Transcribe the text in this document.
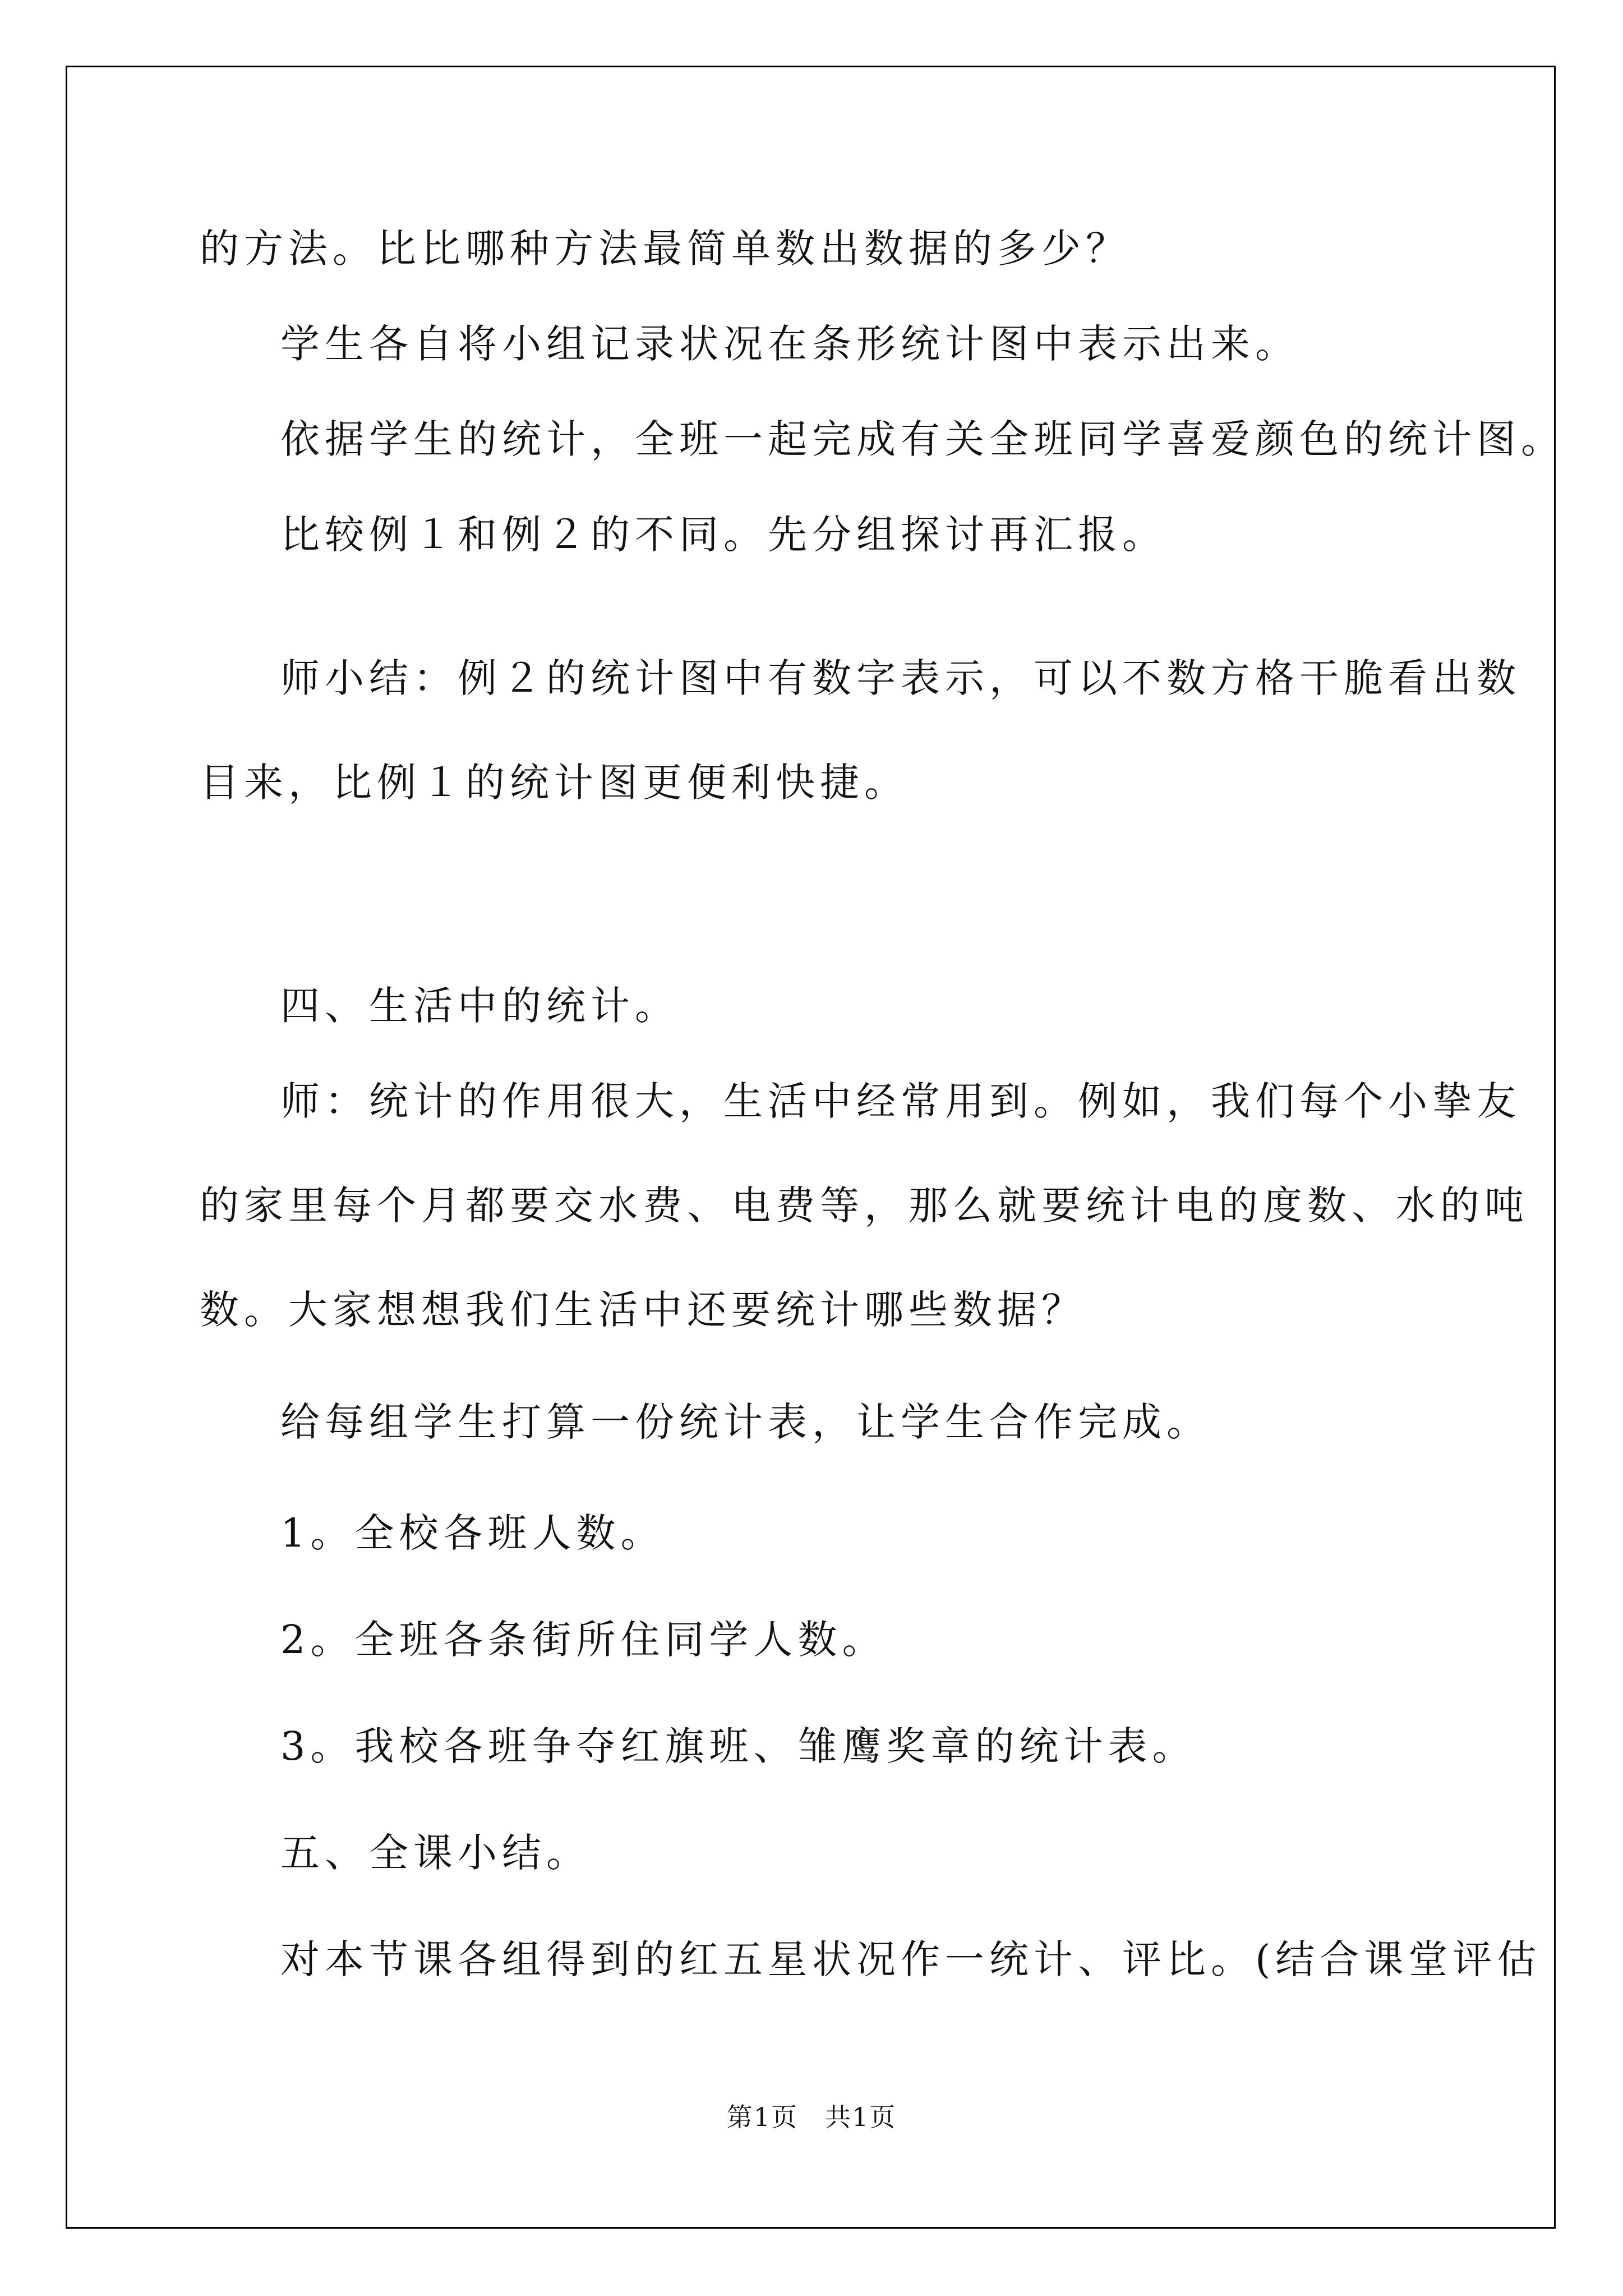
的方法。比比哪种方法最简单数出数据的多少？
学生各自将小组记录状况在条形统计图中表示出来。
依据学生的统计，全班一起完成有关全班同学喜爱颜色的统计图。
比较例１和例２的不同。先分组探讨再汇报。
师小结：例２的统计图中有数字表示，可以不数方格干脆看出数
目来，比例１的统计图更便利快捷。
四、生活中的统计。
师：统计的作用很大，生活中经常用到。例如，我们每个小挚友
的家里每个月都要交水费、电费等，那么就要统计电的度数、水的吨
数。大家想想我们生活中还要统计哪些数据？
给每组学生打算一份统计表，让学生合作完成。
1。全校各班人数。
2。全班各条街所住同学人数。
3。我校各班争夺红旗班、雏鹰奖章的统计表。
五、全课小结。
对本节课各组得到的红五星状况作一统计、评比。(结合课堂评估
第1页　共1页
